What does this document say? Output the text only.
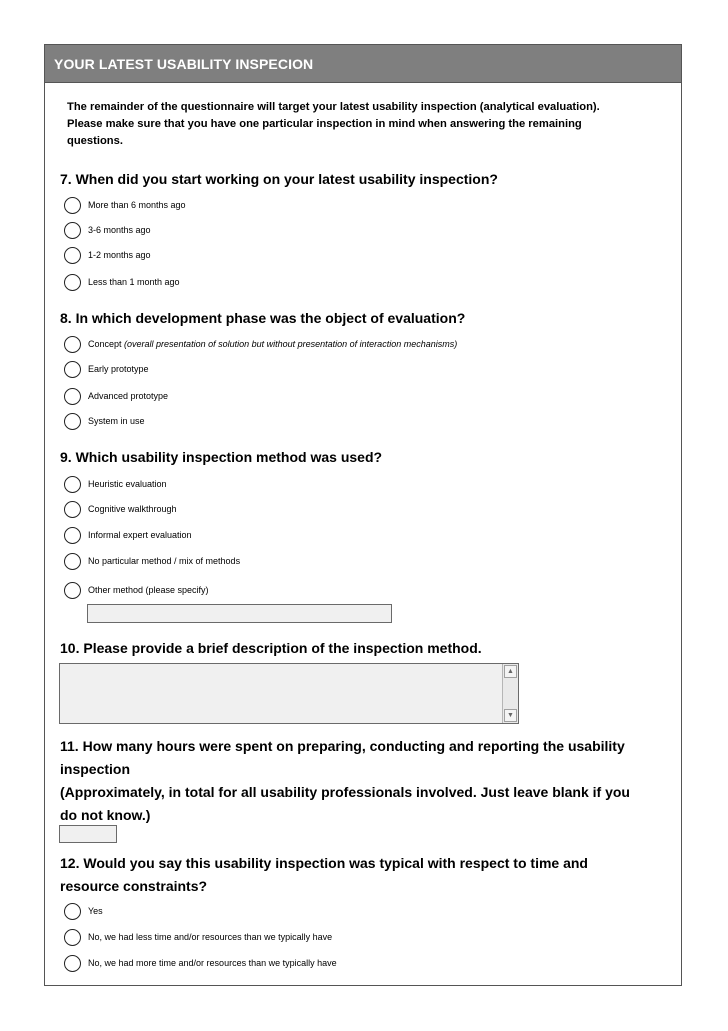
YOUR LATEST USABILITY INSPECION
The remainder of the questionnaire will target your latest usability inspection (analytical evaluation).
Please make sure that you have one particular inspection in mind when answering the remaining
questions.
7. When did you start working on your latest usability inspection?
More than 6 months ago
3-6 months ago
1-2 months ago
Less than 1 month ago
8. In which development phase was the object of evaluation?
Concept (overall presentation of solution but without presentation of interaction mechanisms)
Early prototype
Advanced prototype
System in use
9. Which usability inspection method was used?
Heuristic evaluation
Cognitive walkthrough
Informal expert evaluation
No particular method / mix of methods
Other method (please specify)
10. Please provide a brief description of the inspection method.
▲
▼
11. How many hours were spent on preparing, conducting and reporting the usability
inspection
(Approximately, in total for all usability professionals involved. Just leave blank if you
do not know.)
12. Would you say this usability inspection was typical with respect to time and
resource constraints?
Yes
No, we had less time and/or resources than we typically have
No, we had more time and/or resources than we typically have
